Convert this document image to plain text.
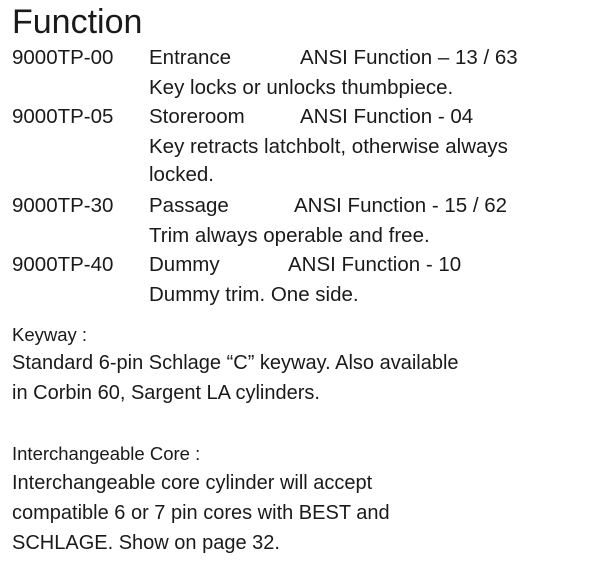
Function
9000TP-00 Entrance	ANSI Function – 13 / 63
Key locks or unlocks thumbpiece.
9000TP-05 Storeroom	ANSI Function - 04
Key retracts latchbolt, otherwise always
locked.
9000TP-30 Passage	ANSI Function - 15 / 62
Trim always operable and free.
9000TP-40 Dummy	ANSI Function - 10
Dummy trim. One side.
Keyway :
Standard 6-pin Schlage “C” keyway. Also available
in Corbin 60, Sargent LA cylinders.
Interchangeable Core :
Interchangeable core cylinder will accept
compatible 6 or 7 pin cores with BEST and
SCHLAGE. Show on page 32.
